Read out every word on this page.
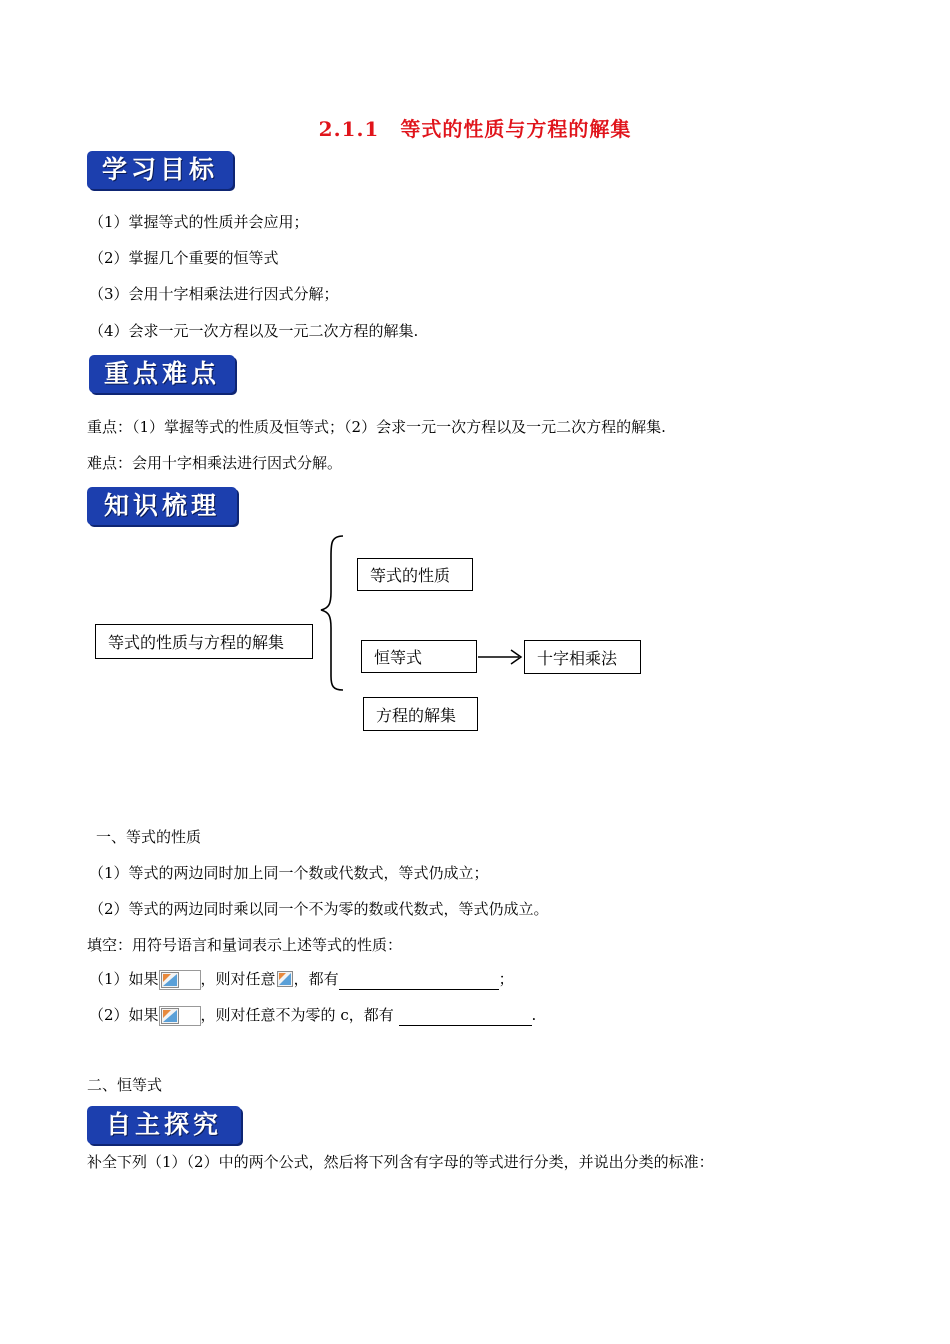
2.1.1　等式的性质与方程的解集
学习目标
（1）掌握等式的性质并会应用；
（2）掌握几个重要的恒等式
（3）会用十字相乘法进行因式分解；
（4）会求一元一次方程以及一元二次方程的解集.
重点难点
重点：（1）掌握等式的性质及恒等式；（2）会求一元一次方程以及一元二次方程的解集.
难点：会用十字相乘法进行因式分解。
知识梳理
等式的性质与方程的解集
等式的性质
恒等式	十字相乘法
方程的解集
一、等式的性质
（1）等式的两边同时加上同一个数或代数式，等式仍成立；
（2）等式的两边同时乘以同一个不为零的数或代数式，等式仍成立。
填空：用符号语言和量词表示上述等式的性质：
（1）如果	，则对任意 ，都有	；
（2）如果	，则对任意不为零的 c，都有	.
二、恒等式
自主探究
补全下列（1）（2）中的两个公式，然后将下列含有字母的等式进行分类，并说出分类的标准：
